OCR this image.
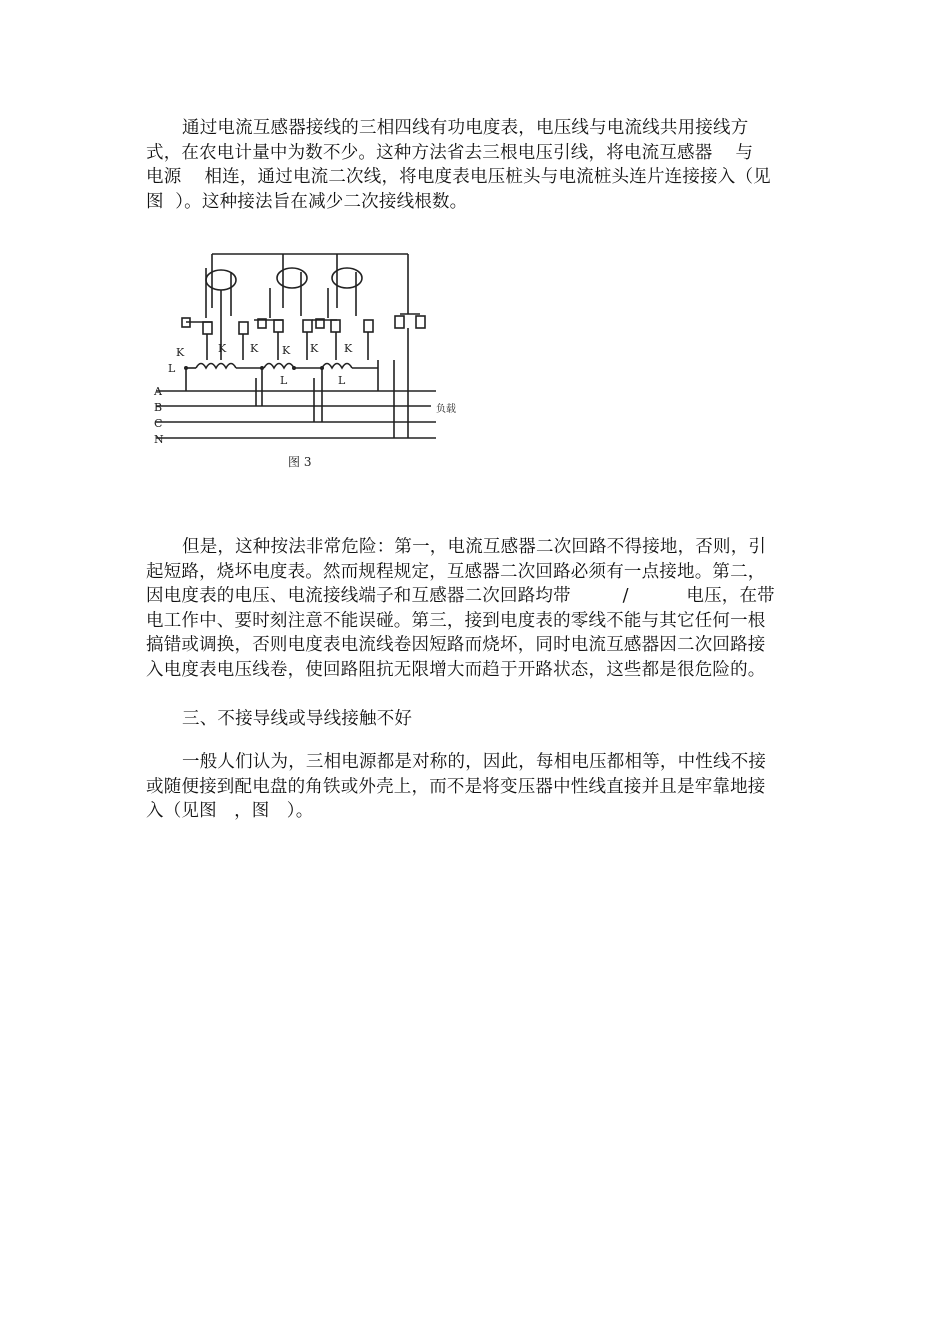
通过电流互感器接线的三相四线有功电度表，电压线与电流线共用接线方
式，在农电计量中为数不少。这种方法省去三根电压引线，将电流互感器    与
电源    相连，通过电流二次线，将电度表电压桩头与电流桩头连片连接接入（见
图  ）。这种接法旨在减少二次接线根数。
K	K K K K K
L
L	L
A
B
C
N
负载
图 3
但是，这种按法非常危险：第一，电流互感器二次回路不得接地，否则，引
起短路，烧坏电度表。然而规程规定，互感器二次回路必须有一点接地。第二，
因电度表的电压、电流接线端子和互感器二次回路均带         /          电压，在带
电工作中、要时刻注意不能误碰。第三，接到电度表的零线不能与其它任何一根
搞错或调换，否则电度表电流线卷因短路而烧坏，同时电流互感器因二次回路接
入电度表电压线卷，使回路阻抗无限增大而趋于开路状态，这些都是很危险的。
三、不接导线或导线接触不好
一般人们认为，三相电源都是对称的，因此，每相电压都相等，中性线不接
或随便接到配电盘的角铁或外壳上，而不是将变压器中性线直接并且是牢靠地接
入（见图   ，图   ）。
